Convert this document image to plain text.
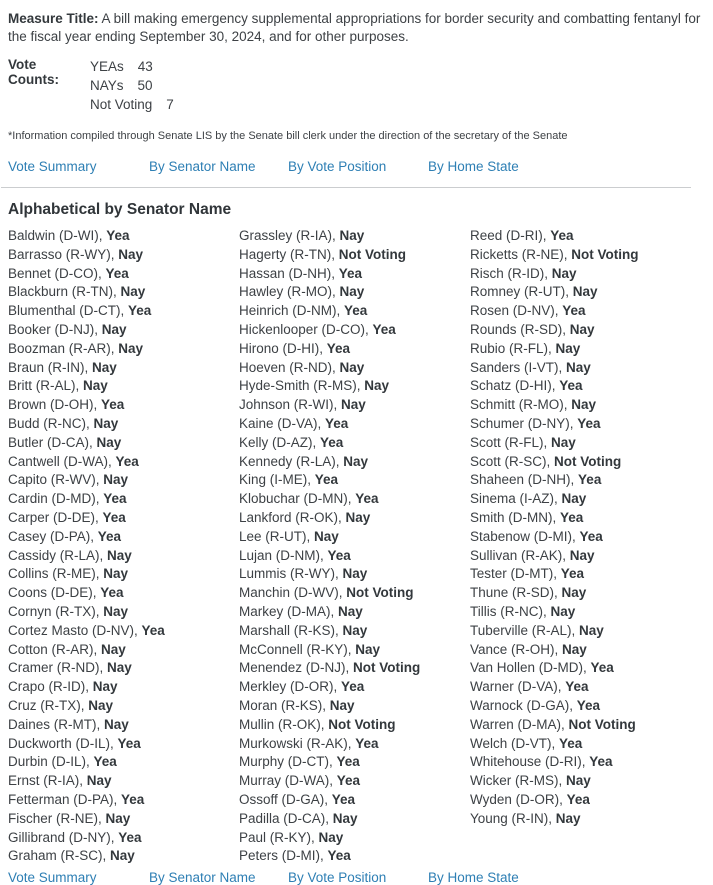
Measure Title: A bill making emergency supplemental appropriations for border security and combatting fentanyl for the fiscal year ending September 30, 2024, and for other purposes.

Vote Counts:
YEAs 43
NAYs 50
Not Voting 7
*Information compiled through Senate LIS by the Senate bill clerk under the direction of the secretary of the Senate
Vote Summary	By Senator Name	By Vote Position	By Home State
Alphabetical by Senator Name
Baldwin (D-WI), Yea
Barrasso (R-WY), Nay
Bennet (D-CO), Yea
Blackburn (R-TN), Nay
Blumenthal (D-CT), Yea
Booker (D-NJ), Nay
Boozman (R-AR), Nay
Braun (R-IN), Nay
Britt (R-AL), Nay
Brown (D-OH), Yea
Budd (R-NC), Nay
Butler (D-CA), Nay
Cantwell (D-WA), Yea
Capito (R-WV), Nay
Cardin (D-MD), Yea
Carper (D-DE), Yea
Casey (D-PA), Yea
Cassidy (R-LA), Nay
Collins (R-ME), Nay
Coons (D-DE), Yea
Cornyn (R-TX), Nay
Cortez Masto (D-NV), Yea
Cotton (R-AR), Nay
Cramer (R-ND), Nay
Crapo (R-ID), Nay
Cruz (R-TX), Nay
Daines (R-MT), Nay
Duckworth (D-IL), Yea
Durbin (D-IL), Yea
Ernst (R-IA), Nay
Fetterman (D-PA), Yea
Fischer (R-NE), Nay
Gillibrand (D-NY), Yea
Graham (R-SC), Nay
Grassley (R-IA), Nay
Hagerty (R-TN), Not Voting
Hassan (D-NH), Yea
Hawley (R-MO), Nay
Heinrich (D-NM), Yea
Hickenlooper (D-CO), Yea
Hirono (D-HI), Yea
Hoeven (R-ND), Nay
Hyde-Smith (R-MS), Nay
Johnson (R-WI), Nay
Kaine (D-VA), Yea
Kelly (D-AZ), Yea
Kennedy (R-LA), Nay
King (I-ME), Yea
Klobuchar (D-MN), Yea
Lankford (R-OK), Nay
Lee (R-UT), Nay
Lujan (D-NM), Yea
Lummis (R-WY), Nay
Manchin (D-WV), Not Voting
Markey (D-MA), Nay
Marshall (R-KS), Nay
McConnell (R-KY), Nay
Menendez (D-NJ), Not Voting
Merkley (D-OR), Yea
Moran (R-KS), Nay
Mullin (R-OK), Not Voting
Murkowski (R-AK), Yea
Murphy (D-CT), Yea
Murray (D-WA), Yea
Ossoff (D-GA), Yea
Padilla (D-CA), Nay
Paul (R-KY), Nay
Peters (D-MI), Yea
Reed (D-RI), Yea
Ricketts (R-NE), Not Voting
Risch (R-ID), Nay
Romney (R-UT), Nay
Rosen (D-NV), Yea
Rounds (R-SD), Nay
Rubio (R-FL), Nay
Sanders (I-VT), Nay
Schatz (D-HI), Yea
Schmitt (R-MO), Nay
Schumer (D-NY), Yea
Scott (R-FL), Nay
Scott (R-SC), Not Voting
Shaheen (D-NH), Yea
Sinema (I-AZ), Nay
Smith (D-MN), Yea
Stabenow (D-MI), Yea
Sullivan (R-AK), Nay
Tester (D-MT), Yea
Thune (R-SD), Nay
Tillis (R-NC), Nay
Tuberville (R-AL), Nay
Vance (R-OH), Nay
Van Hollen (D-MD), Yea
Warner (D-VA), Yea
Warnock (D-GA), Yea
Warren (D-MA), Not Voting
Welch (D-VT), Yea
Whitehouse (D-RI), Yea
Wicker (R-MS), Nay
Wyden (D-OR), Yea
Young (R-IN), Nay
Vote Summary	By Senator Name	By Vote Position	By Home State
